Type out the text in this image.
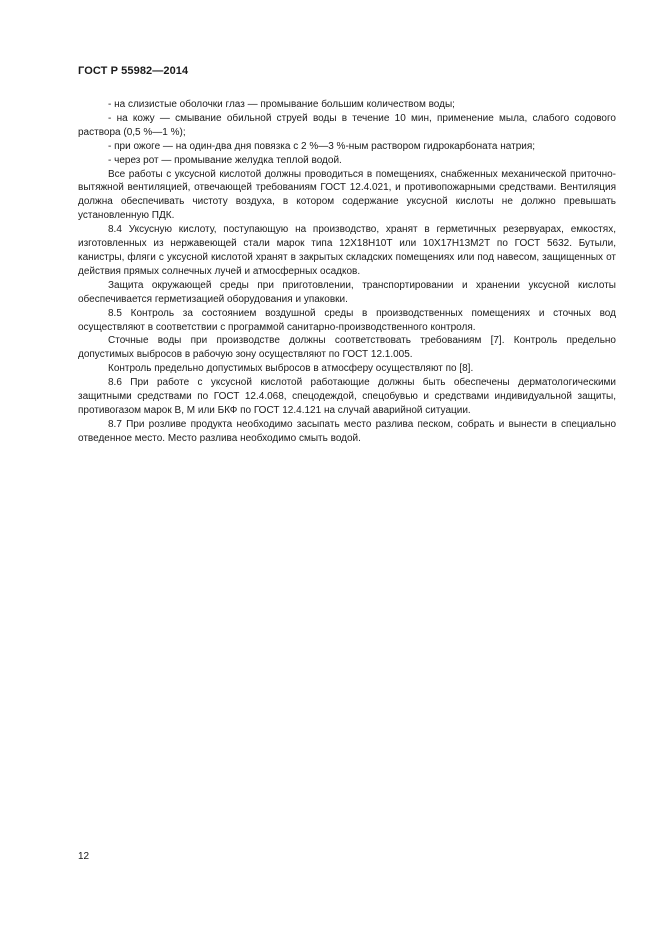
ГОСТ Р 55982—2014

- на слизистые оболочки глаз — промывание большим количеством воды;

- на кожу — смывание обильной струей воды в течение 10 мин, применение мыла, слабого содового раствора (0,5 %—1 %);

- при ожоге — на один-два дня повязка с 2 %—3 %-ным раствором гидрокарбоната натрия;

- через рот — промывание желудка теплой водой.

Все работы с уксусной кислотой должны проводиться в помещениях, снабженных механической приточно-вытяжной вентиляцией, отвечающей требованиям ГОСТ 12.4.021, и противопожарными средствами. Вентиляция должна обеспечивать чистоту воздуха, в котором содержание уксусной кислоты не должно превышать установленную ПДК.

8.4 Уксусную кислоту, поступающую на производство, хранят в герметичных резервуарах, емкостях, изготовленных из нержавеющей стали марок типа 12Х18Н10Т или 10Х17Н13М2Т по ГОСТ 5632. Бутыли, канистры, фляги с уксусной кислотой хранят в закрытых складских помещениях или под навесом, защищенных от действия прямых солнечных лучей и атмосферных осадков.

Защита окружающей среды при приготовлении, транспортировании и хранении уксусной кислоты обеспечивается герметизацией оборудования и упаковки.

8.5 Контроль за состоянием воздушной среды в производственных помещениях и сточных вод осуществляют в соответствии с программой санитарно-производственного контроля.

Сточные воды при производстве должны соответствовать требованиям [7]. Контроль предельно допустимых выбросов в рабочую зону осуществляют по ГОСТ 12.1.005.

Контроль предельно допустимых выбросов в атмосферу осуществляют по [8].

8.6 При работе с уксусной кислотой работающие должны быть обеспечены дерматологическими защитными средствами по ГОСТ 12.4.068, спецодеждой, спецобувью и средствами индивидуальной защиты, противогазом марок В, М или БКФ по ГОСТ 12.4.121 на случай аварийной ситуации.

8.7 При розливе продукта необходимо засыпать место разлива песком, собрать и вынести в специально отведенное место. Место разлива необходимо смыть водой.

12
